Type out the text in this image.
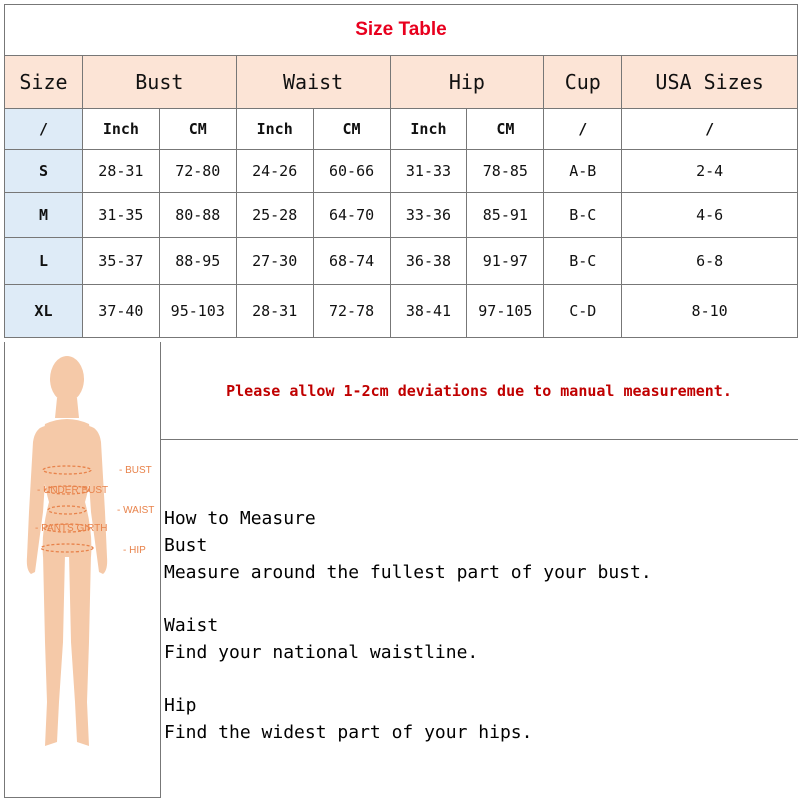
Size Table								
Size	Bust		Waist		Hip		Cup	USA Sizes
/	Inch	CM	Inch	CM	Inch	CM	/	/
S	28-31	72-80	24-26	60-66	31-33	78-85	A-B	2-4
M	31-35	80-88	25-28	64-70	33-36	85-91	B-C	4-6
L	35-37	88-95	27-30	68-74	36-38	91-97	B-C	6-8
XL	37-40	95-103	28-31	72-78	38-41	97-105	C-D	8-10
- BUST
- UNDER BUST
- WAIST
- PANTS GIRTH
- HIP
Please allow 1-2cm deviations due to manual measurement.
How to Measure
Bust
Measure around the fullest part of your bust.
Waist
Find your national waistline.
Hip
Find the widest part of your hips.
